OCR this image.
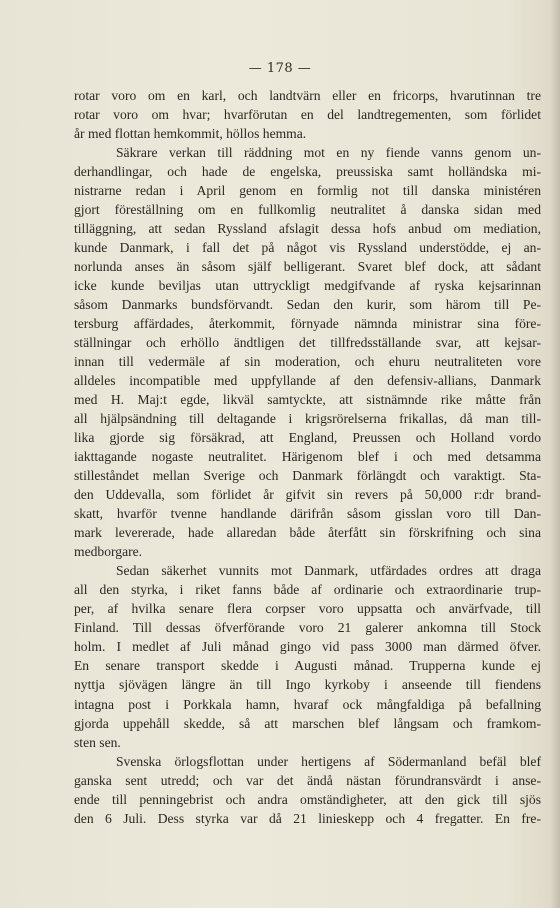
— 178 —
rotar voro om en karl, och landtvärn eller en fricorps, hvarutinnan tre
rotar voro om hvar; hvarförutan en del landtregementen, som förlidet
år med flottan hemkommit, höllos hemma.
Säkrare verkan till räddning mot en ny fiende vanns genom un-
derhandlingar, och hade de engelska, preussiska samt holländska mi-
nistrarne redan i April genom en formlig not till danska ministéren
gjort föreställning om en fullkomlig neutralitet å danska sidan med
tilläggning, att sedan Ryssland afslagit dessa hofs anbud om mediation,
kunde Danmark, i fall det på något vis Ryssland understödde, ej an-
norlunda anses än såsom själf belligerant. Svaret blef dock, att sådant
icke kunde beviljas utan uttryckligt medgifvande af ryska kejsarinnan
såsom Danmarks bundsförvandt. Sedan den kurir, som härom till Pe-
tersburg affärdades, återkommit, förnyade nämnda ministrar sina före-
ställningar och erhöllo ändtligen det tillfredsställande svar, att kejsar-
innan till vedermäle af sin moderation, och ehuru neutraliteten vore
alldeles incompatible med uppfyllande af den defensiv-allians, Danmark
med H. Maj:t egde, likväl samtyckte, att sistnämnde rike måtte från
all hjälpsändning till deltagande i krigsrörelserna frikallas, då man till-
lika gjorde sig försäkrad, att England, Preussen och Holland vordo
iakttagande nogaste neutralitet. Härigenom blef i och med detsamma
stilleståndet mellan Sverige och Danmark förlängdt och varaktigt. Sta-
den Uddevalla, som förlidet år gifvit sin revers på 50,000 r:dr brand-
skatt, hvarför tvenne handlande därifrån såsom gisslan voro till Dan-
mark levererade, hade allaredan både återfått sin förskrifning och sina
medborgare.
Sedan säkerhet vunnits mot Danmark, utfärdades ordres att draga
all den styrka, i riket fanns både af ordinarie och extraordinarie trup-
per, af hvilka senare flera corpser voro uppsatta och anvärfvade, till
Finland. Till dessas öfverförande voro 21 galerer ankomna till Stock
holm. I medlet af Juli månad gingo vid pass 3000 man därmed öfver.
En senare transport skedde i Augusti månad. Trupperna kunde ej
nyttja sjövägen längre än till Ingo kyrkoby i anseende till fiendens
intagna post i Porkkala hamn, hvaraf ock mångfaldiga på befallning
gjorda uppehåll skedde, så att marschen blef långsam och framkom-
sten sen.
Svenska örlogsflottan under hertigens af Södermanland befäl blef
ganska sent utredd; och var det ändå nästan förundransvärdt i anse-
ende till penningebrist och andra omständigheter, att den gick till sjös
den 6 Juli. Dess styrka var då 21 linieskepp och 4 fregatter. En fre-
